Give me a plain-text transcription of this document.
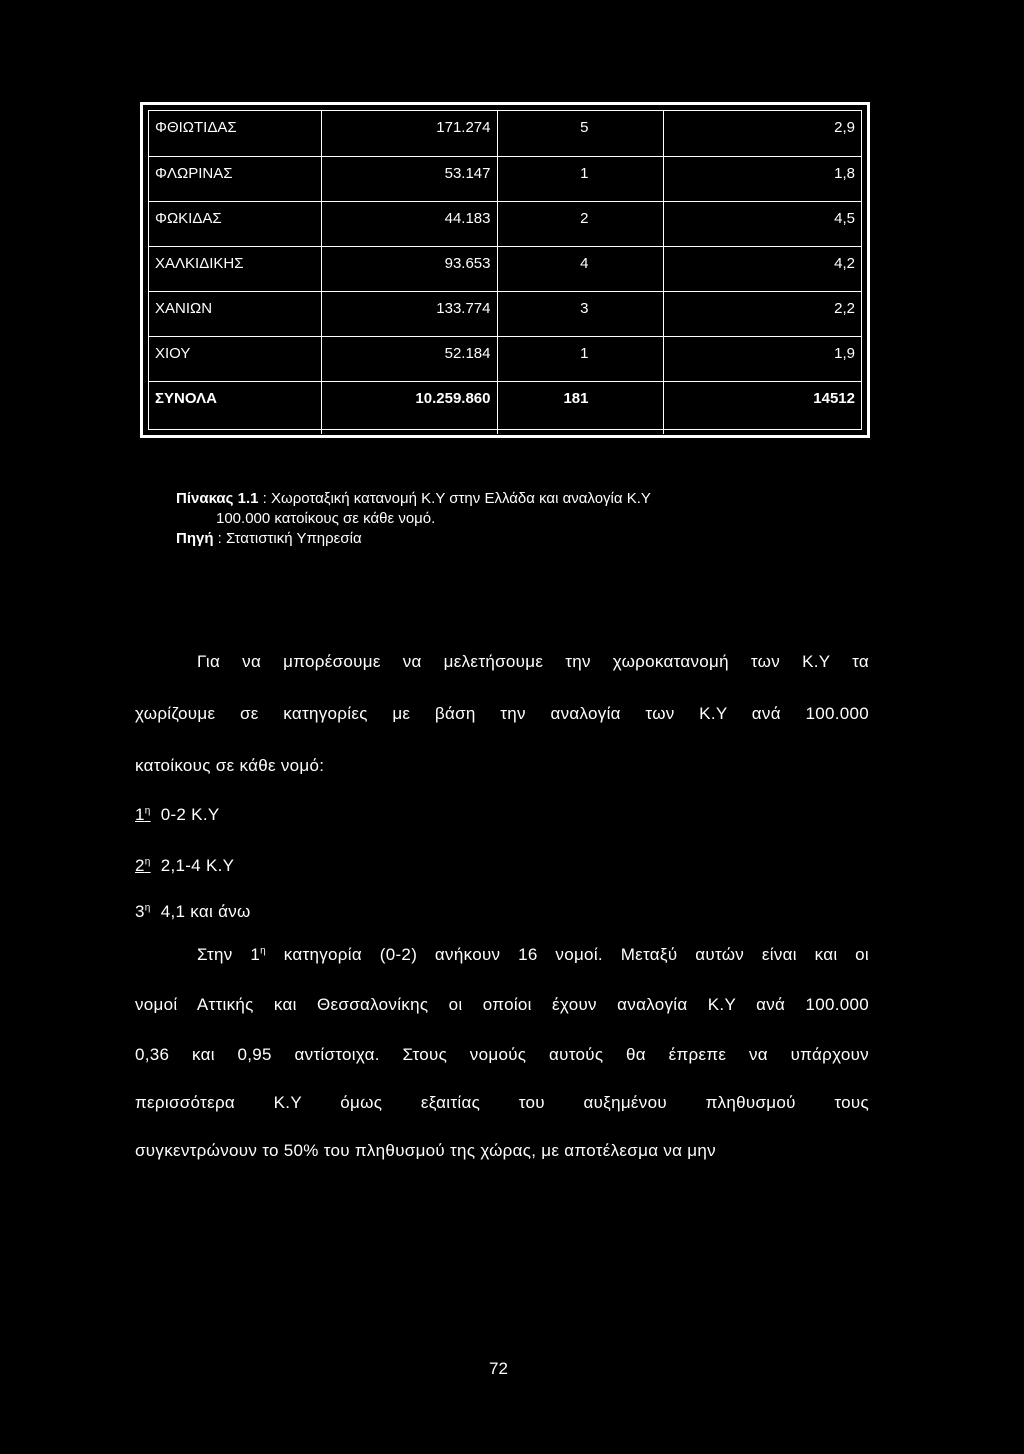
ΦΘΙΩΤΙΔΑΣ	171.274	5	2,9
ΦΛΩΡΙΝΑΣ	53.147	1	1,8
ΦΩΚΙΔΑΣ	44.183	2	4,5
ΧΑΛΚΙΔΙΚΗΣ	93.653	4	4,2
ΧΑΝΙΩΝ	133.774	3	2,2
ΧΙΟΥ	52.184	1	1,9
ΣΥΝΟΛΑ	10.259.860	181	14512
Πίνακας 1.1 : Χωροταξική κατανομή Κ.Υ στην Ελλάδα και αναλογία Κ.Υ
100.000 κατοίκους σε κάθε νομό.
Πηγή : Στατιστική Υπηρεσία
Για να μπορέσουμε να μελετήσουμε την χωροκατανομή των Κ.Υ τα
χωρίζουμε σε κατηγορίες με βάση την αναλογία των Κ.Υ ανά 100.000
κατοίκους σε κάθε νομό:
$1^\eta$ 0-2 Κ.Υ
$2^\eta$ 2,1-4 Κ.Υ
$3^\eta$ 4,1 και άνω
Στην $1^\eta$ κατηγορία (0-2) ανήκουν 16 νομοί. Μεταξύ αυτών είναι και οι
νομοί Αττικής και Θεσσαλονίκης οι οποίοι έχουν αναλογία Κ.Υ ανά 100.000
0,36 και 0,95 αντίστοιχα. Στους νομούς αυτούς θα έπρεπε να υπάρχουν
περισσότερα Κ.Υ όμως εξαιτίας του αυξημένου πληθυσμού τους
συγκεντρώνουν το 50% του πληθυσμού της χώρας, με αποτέλεσμα να μην
72
